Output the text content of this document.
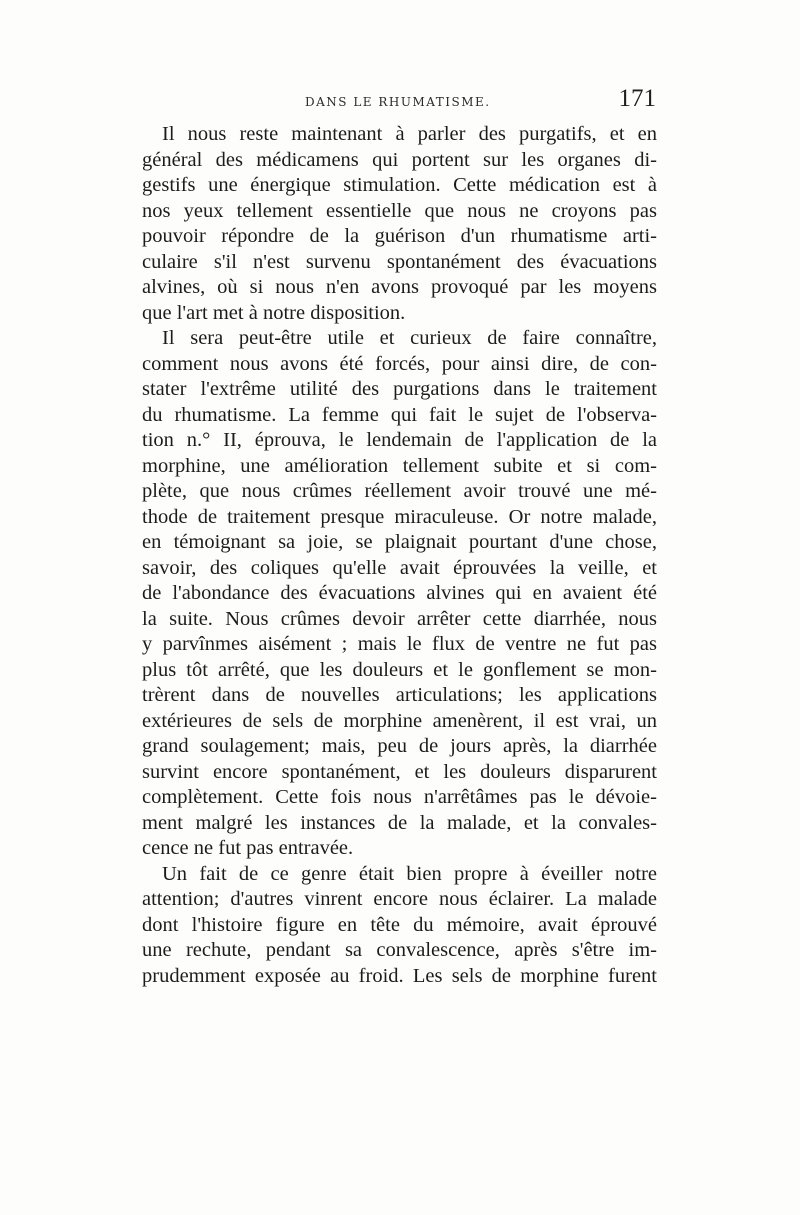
DANS LE RHUMATISME.	171
Il nous reste maintenant à parler des purgatifs, et en
général des médicamens qui portent sur les organes di-
gestifs une énergique stimulation. Cette médication est à
nos yeux tellement essentielle que nous ne croyons pas
pouvoir répondre de la guérison d'un rhumatisme arti-
culaire s'il n'est survenu spontanément des évacuations
alvines, où si nous n'en avons provoqué par les moyens
que l'art met à notre disposition.
Il sera peut-être utile et curieux de faire connaître,
comment nous avons été forcés, pour ainsi dire, de con-
stater l'extrême utilité des purgations dans le traitement
du rhumatisme. La femme qui fait le sujet de l'observa-
tion n.° II, éprouva, le lendemain de l'application de la
morphine, une amélioration tellement subite et si com-
plète, que nous crûmes réellement avoir trouvé une mé-
thode de traitement presque miraculeuse. Or notre malade,
en témoignant sa joie, se plaignait pourtant d'une chose,
savoir, des coliques qu'elle avait éprouvées la veille, et
de l'abondance des évacuations alvines qui en avaient été
la suite. Nous crûmes devoir arrêter cette diarrhée, nous
y parvînmes aisément ; mais le flux de ventre ne fut pas
plus tôt arrêté, que les douleurs et le gonflement se mon-
trèrent dans de nouvelles articulations; les applications
extérieures de sels de morphine amenèrent, il est vrai, un
grand soulagement; mais, peu de jours après, la diarrhée
survint encore spontanément, et les douleurs disparurent
complètement. Cette fois nous n'arrêtâmes pas le dévoie-
ment malgré les instances de la malade, et la convales-
cence ne fut pas entravée.
Un fait de ce genre était bien propre à éveiller notre
attention; d'autres vinrent encore nous éclairer. La malade
dont l'histoire figure en tête du mémoire, avait éprouvé
une rechute, pendant sa convalescence, après s'être im-
prudemment exposée au froid. Les sels de morphine furent
